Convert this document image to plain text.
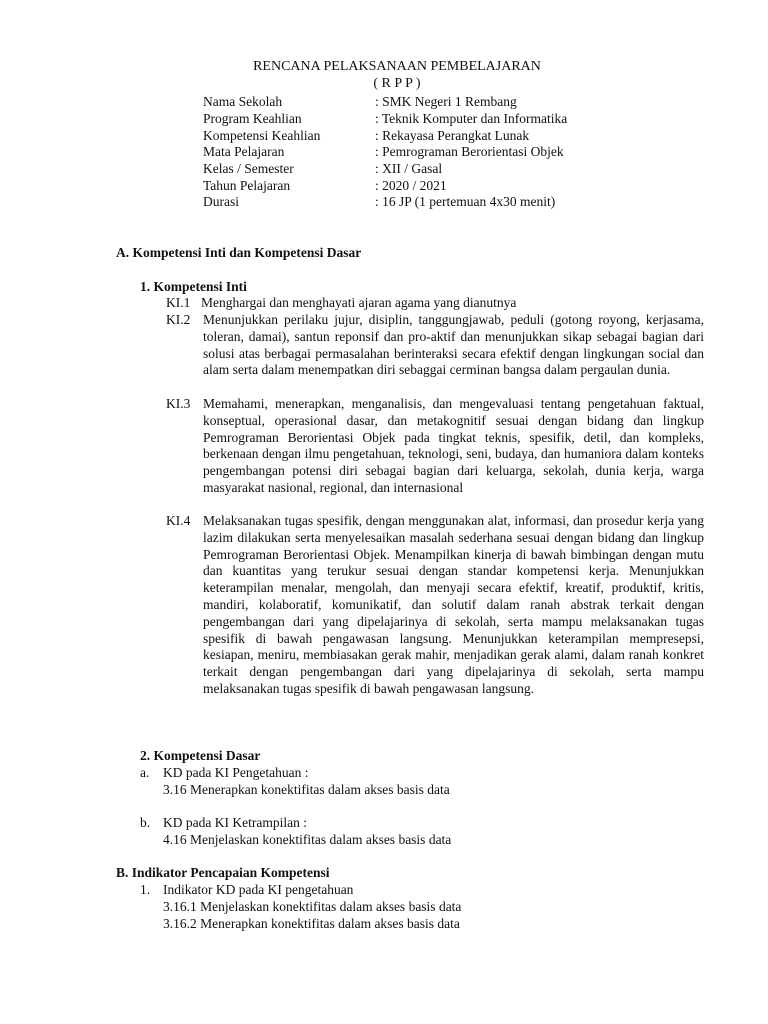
RENCANA PELAKSANAAN PEMBELAJARAN
( R P P )
Nama Sekolah	: SMK Negeri 1 Rembang
Program Keahlian	: Teknik Komputer dan Informatika
Kompetensi Keahlian	: Rekayasa Perangkat Lunak
Mata Pelajaran	: Pemrograman Berorientasi Objek
Kelas / Semester	: XII / Gasal
Tahun Pelajaran	: 2020 / 2021
Durasi	: 16 JP (1 pertemuan 4x30 menit)
A. Kompetensi Inti dan Kompetensi Dasar
1. Kompetensi Inti
KI.1 Menghargai dan menghayati ajaran agama yang dianutnya
KI.2 Menunjukkan perilaku jujur, disiplin, tanggungjawab, peduli (gotong royong, kerjasama, toleran, damai), santun reponsif dan pro-aktif dan menunjukkan sikap sebagai bagian dari solusi atas berbagai permasalahan berinteraksi secara efektif dengan lingkungan social dan alam serta dalam menempatkan diri sebaggai cerminan bangsa dalam pergaulan dunia.
KI.3 Memahami, menerapkan, menganalisis, dan mengevaluasi tentang pengetahuan faktual, konseptual, operasional dasar, dan metakognitif sesuai dengan bidang dan lingkup Pemrograman Berorientasi Objek pada tingkat teknis, spesifik, detil, dan kompleks, berkenaan dengan ilmu pengetahuan, teknologi, seni, budaya, dan humaniora dalam konteks pengembangan potensi diri sebagai bagian dari keluarga, sekolah, dunia kerja, warga masyarakat nasional, regional, dan internasional
KI.4 Melaksanakan tugas spesifik, dengan menggunakan alat, informasi, dan prosedur kerja yang lazim dilakukan serta menyelesaikan masalah sederhana sesuai dengan bidang dan lingkup Pemrograman Berorientasi Objek. Menampilkan kinerja di bawah bimbingan dengan mutu dan kuantitas yang terukur sesuai dengan standar kompetensi kerja. Menunjukkan keterampilan menalar, mengolah, dan menyaji secara efektif, kreatif, produktif, kritis, mandiri, kolaboratif, komunikatif, dan solutif dalam ranah abstrak terkait dengan pengembangan dari yang dipelajarinya di sekolah, serta mampu melaksanakan tugas spesifik di bawah pengawasan langsung. Menunjukkan keterampilan mempresepsi, kesiapan, meniru, membiasakan gerak mahir, menjadikan gerak alami, dalam ranah konkret terkait dengan pengembangan dari yang dipelajarinya di sekolah, serta mampu melaksanakan tugas spesifik di bawah pengawasan langsung.
2. Kompetensi Dasar
a. KD pada KI Pengetahuan :
3.16 Menerapkan konektifitas dalam akses basis data
b. KD pada KI Ketrampilan :
4.16 Menjelaskan konektifitas dalam akses basis data
B. Indikator Pencapaian Kompetensi
1. Indikator KD pada KI pengetahuan
3.16.1 Menjelaskan konektifitas dalam akses basis data
3.16.2 Menerapkan konektifitas dalam akses basis data
